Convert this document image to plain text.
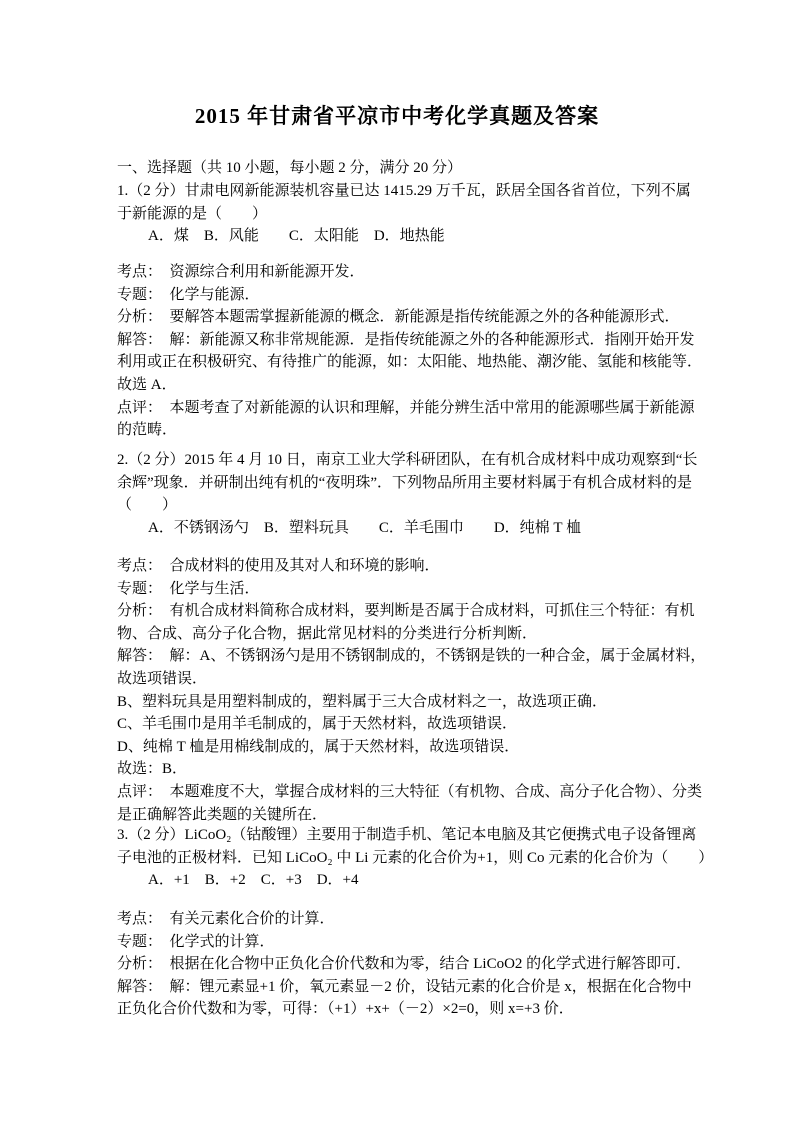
2015 年甘肃省平凉市中考化学真题及答案
一、选择题（共 10 小题，每小题 2 分，满分 20 分）
1.（2 分）甘肃电网新能源装机容量已达 1415.29 万千瓦，跃居全国各省首位，下列不属
于新能源的是（　　）
A．煤　B．风能　　C．太阳能　D．地热能
考点：　资源综合利用和新能源开发．
专题：　化学与能源．
分析：　要解答本题需掌握新能源的概念．新能源是指传统能源之外的各种能源形式．
解答：　解：新能源又称非常规能源．是指传统能源之外的各种能源形式．指刚开始开发
利用或正在积极研究、有待推广的能源，如：太阳能、地热能、潮汐能、氢能和核能等．
故选 A．
点评：　本题考查了对新能源的认识和理解，并能分辨生活中常用的能源哪些属于新能源
的范畴．
2.（2 分）2015 年 4 月 10 日，南京工业大学科研团队，在有机合成材料中成功观察到“长
余辉”现象．并研制出纯有机的“夜明珠”．下列物品所用主要材料属于有机合成材料的是
（　　）
A．不锈钢汤勺　B．塑料玩具　　C．羊毛围巾　　D．纯棉 T 桖
考点：　合成材料的使用及其对人和环境的影响．
专题：　化学与生活．
分析：　有机合成材料简称合成材料，要判断是否属于合成材料，可抓住三个特征：有机
物、合成、高分子化合物，据此常见材料的分类进行分析判断．
解答：　解：A、不锈钢汤勺是用不锈钢制成的，不锈钢是铁的一种合金，属于金属材料，
故选项错误．
B、塑料玩具是用塑料制成的，塑料属于三大合成材料之一，故选项正确．
C、羊毛围巾是用羊毛制成的，属于天然材料，故选项错误．
D、纯棉 T 桖是用棉线制成的，属于天然材料，故选项错误．
故选：B．
点评：　本题难度不大，掌握合成材料的三大特征（有机物、合成、高分子化合物）、分类
是正确解答此类题的关键所在．
3.（2 分）LiCoO₂（钴酸锂）主要用于制造手机、笔记本电脑及其它便携式电子设备锂离
子电池的正极材料．已知 LiCoO₂ 中 Li 元素的化合价为+1，则 Co 元素的化合价为（　　）
A．+1　B．+2　C．+3　D．+4
考点：　有关元素化合价的计算．
专题：　化学式的计算．
分析：　根据在化合物中正负化合价代数和为零，结合 LiCoO2 的化学式进行解答即可．
解答：　解：锂元素显+1 价，氧元素显－2 价，设钴元素的化合价是 x，根据在化合物中
正负化合价代数和为零，可得：（+1）+x+（－2）×2=0，则 x=+3 价．
